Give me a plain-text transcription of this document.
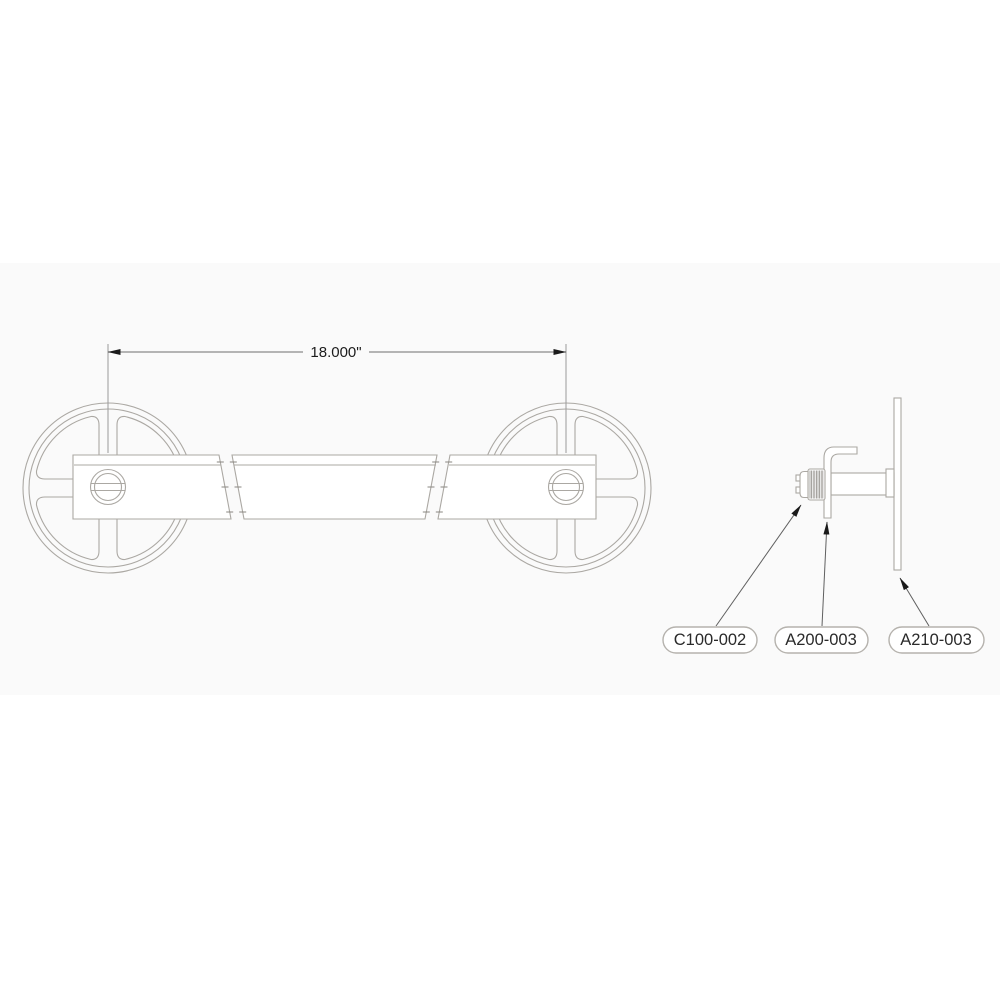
18.000"
C100-002 A200-003	A210-003
